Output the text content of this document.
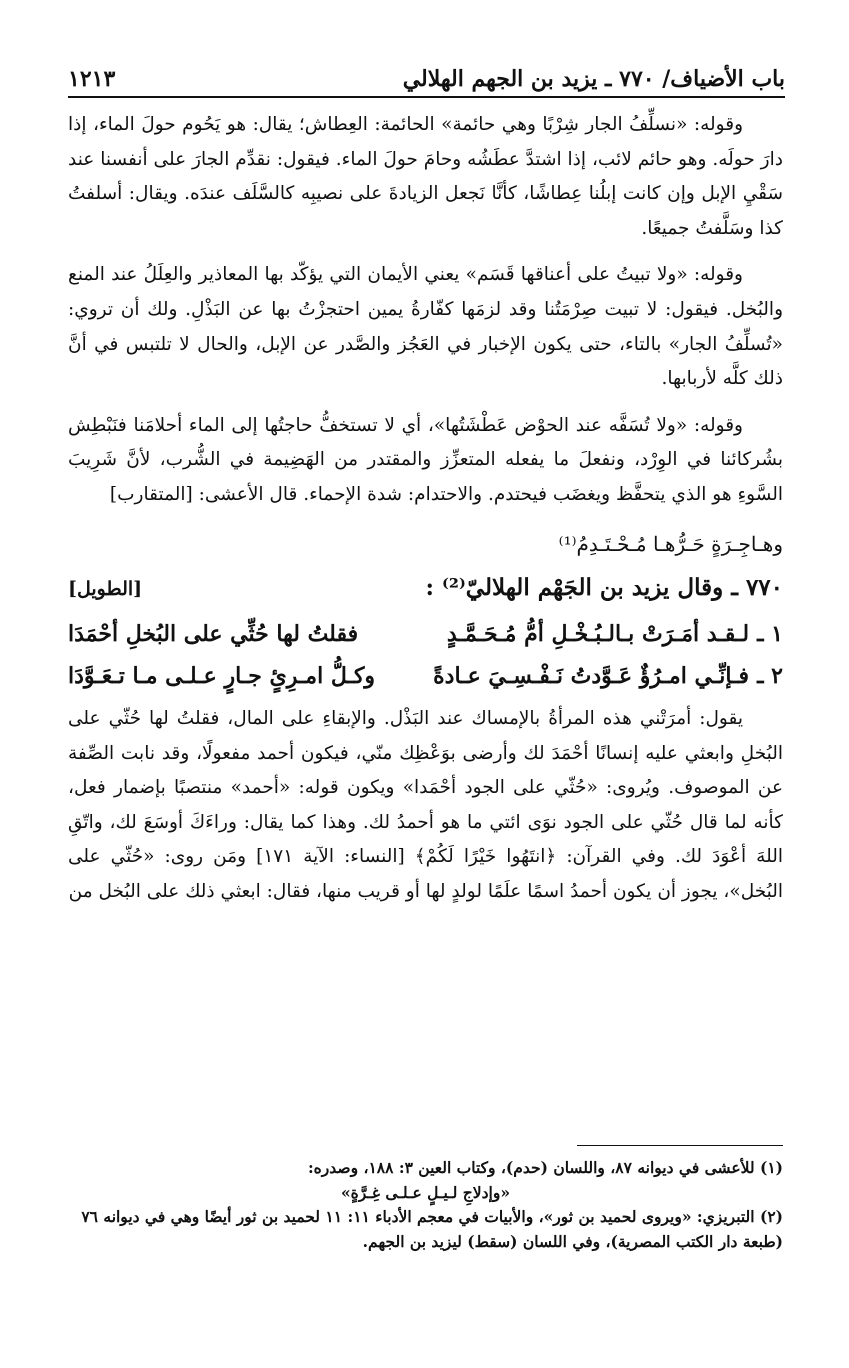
باب الأضياف/ ٧٧٠ ـ يزيد بن الجهم الهلالي
١٢١٣

وقوله: «نسلِّفُ الجار شِرْبًا وهي حائمة» الحائمة: العِطاش؛ يقال: هو يَحُوم حولَ الماء، إذا دارَ حولَه. وهو حائم لائب، إذا اشتدَّ عطَشُه وحامَ حولَ الماء. فيقول: نقدِّم الجارَ على أنفسنا عند سَقْيِ الإبل وإن كانت إبلُنا عِطاشًا، كأنَّا نَجعل الزيادةَ على نصيبِه كالسَّلَف عندَه. ويقال: أسلفتُ كذا وسَلَّفتُ جميعًا.

وقوله: «ولا تبيتُ على أعناقها قَسَم» يعني الأيمان التي يؤكّد بها المعاذير والعِلَلُ عند المنع والبُخل. فيقول: لا تبيت صِرْمَتُنا وقد لزمَها كفّارةُ يمين احتجزْتُ بها عن البَذْلِ. ولك أن تروي: «تُسلِّفُ الجار» بالتاء، حتى يكون الإخبار في العَجُز والصَّدر عن الإبل، والحال لا تلتبس في أنَّ ذلك كلَّه لأربابها.

وقوله: «ولا تُسَفَّه عند الحوْض عَطْشَتُها»، أي لا تستخفُّ حاجتُها إلى الماء أحلامَنا فنَبْطِش بشُركائنا في الوِرْد، ونفعلَ ما يفعله المتعزِّز والمقتدر من الهَضِيمة في الشُّرب، لأنَّ شَرِيبَ السَّوءِ هو الذي يتحفَّظ ويغضَب فيحتدم. والاحتدام: شدة الإحماء. قال الأعشى: [المتقارب]

وهـاجِـرَةٍ حَـرُّهـا مُـحْـتَـدِمُ⁽¹⁾
٧٧٠ ـ وقال يزيد بن الجَهْم الهلاليّ⁽²⁾ :
[الطويل]
١ ـ
لـقـد أمَـرَتْ بـالـبُـخْـلِ أمُّ مُـحَـمَّـدٍ
فقلتُ لها حُثِّي على البُخلِ أحْمَدَا
٢ ـ
فـإنِّـي امـرُؤٌ عَـوَّدتُ نَـفْـسِـيَ عـادةً
وكـلُّ امـرِئٍ جـارٍ عـلـى مـا تـعَـوَّدَا

يقول: أمرَتْني هذه المرأةُ بالإمساك عند البَذْل. والإبقاءِ على المال، فقلتُ لها حُثّي على البُخلِ وابعثي عليه إنسانًا أحْمَدَ لك وأرضى بوَعْظِك منّي، فيكون أحمد مفعولًا، وقد نابت الصِّفة عن الموصوف. ويُروى: «حُثّي على الجود أحْمَدا» ويكون قوله: «أحمد» منتصبًا بإضمار فعل، كأنه لما قال حُثّي على الجود نوَى ائتي ما هو أحمدُ لك. وهذا كما يقال: وراءَكَ أوسَعَ لك، واتّقِ اللهَ أعْوَدَ لك. وفي القرآن: ﴿انتَهُوا خَيْرًا لَكُمْ﴾ [النساء: الآية ١٧١] ومَن روى: «حُثّي على البُخل»، يجوز أن يكون أحمدُ اسمًا علَمًا لولدٍ لها أو قريب منها، فقال: ابعثي ذلك على البُخل من

(١) للأعشى في ديوانه ٨٧، واللسان (حدم)، وكتاب العين ٣: ١٨٨، وصدره:

«وإدلاجِ لـيـلٍ عـلـى غِـرَّةٍ»

(٢) التبريزي: «ويروى لحميد بن ثور»، والأبيات في معجم الأدباء ١١: ١١ لحميد بن ثور أيضًا وهي في ديوانه ٧٦ (طبعة دار الكتب المصرية)، وفي اللسان (سقط) ليزيد بن الجهم.
